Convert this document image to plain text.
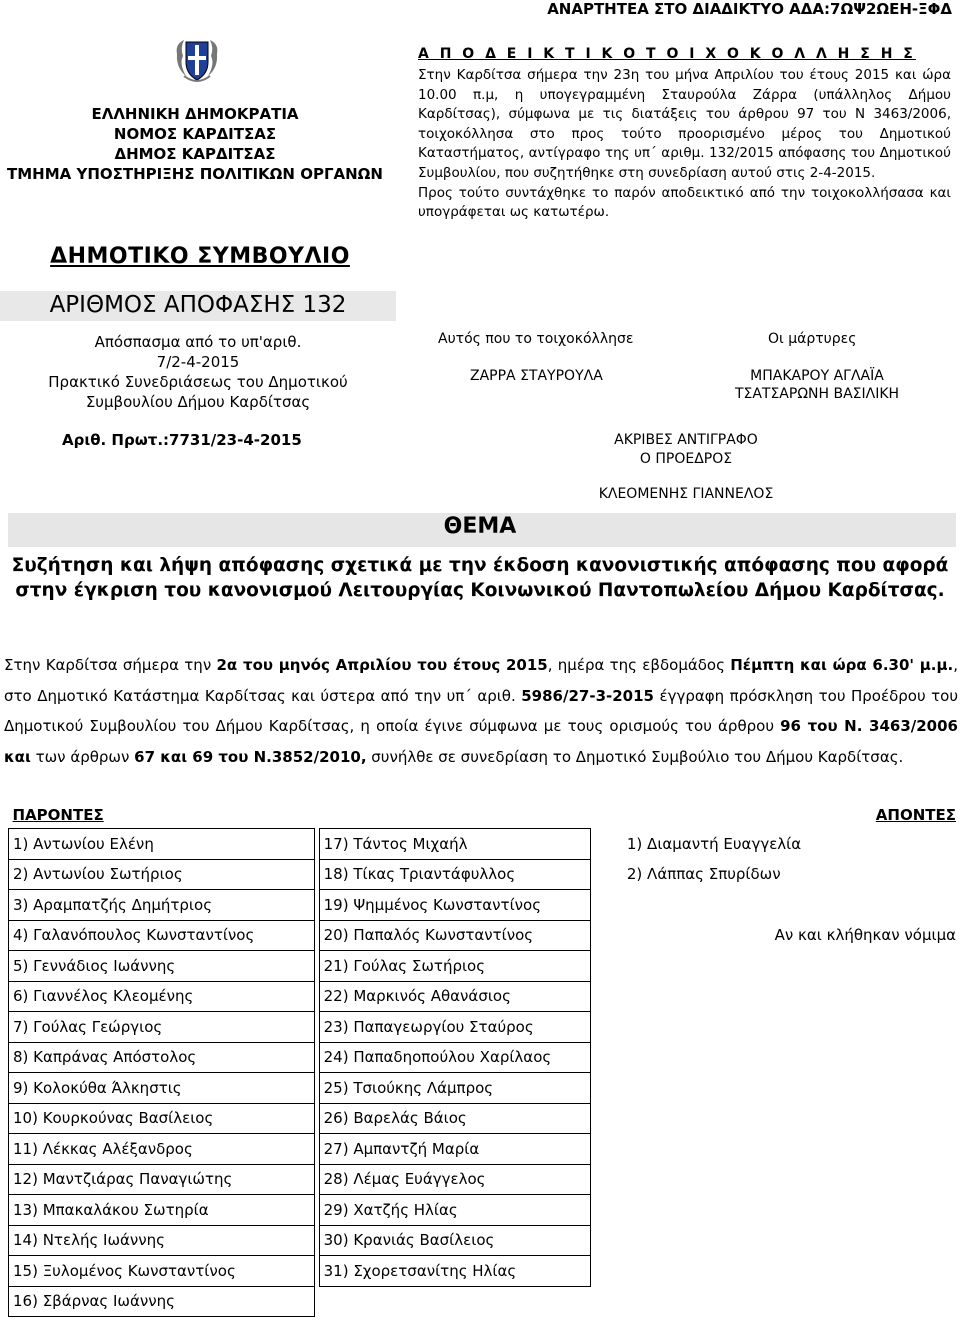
ΑΝΑΡΤΗΤΕΑ ΣΤΟ ΔΙΑΔΙΚΤΥΟ ΑΔΑ:7ΩΨ2ΩΕΗ-ΞΦΔ
ΕΛΛΗΝΙΚΗ ΔΗΜΟΚΡΑΤΙΑ
ΝΟΜΟΣ ΚΑΡΔΙΤΣΑΣ
ΔΗΜΟΣ ΚΑΡΔΙΤΣΑΣ
ΤΜΗΜΑ ΥΠΟΣΤΗΡΙΞΗΣ ΠΟΛΙΤΙΚΩΝ ΟΡΓΑΝΩΝ
ΔΗΜΟΤΙΚΟ ΣΥΜΒΟΥΛΙΟ
ΑΡΙΘΜΟΣ ΑΠΟΦΑΣΗΣ 132
Απόσπασμα από το υπ'αριθ.
7/2-4-2015
Πρακτικό Συνεδριάσεως του Δημοτικού
Συμβουλίου Δήμου Καρδίτσας
Αριθ. Πρωτ.:7731/23-4-2015
Α Π Ο Δ Ε Ι Κ Τ Ι Κ Ο Τ Ο Ι Χ Ο Κ Ο Λ Λ Η Σ Η Σ

Στην Καρδίτσα σήμερα την 23η του μήνα Απριλίου του έτους 2015 και ώρα 10.00 π.μ, η υπογεγραμμένη Σταυρούλα Ζάρρα (υπάλληλος Δήμου Καρδίτσας), σύμφωνα με τις διατάξεις του άρθρου 97 του Ν 3463/2006, τοιχοκόλλησα στο προς τούτο προορισμένο μέρος του Δημοτικού Καταστήματος, αντίγραφο της υπ΄ αριθμ. 132/2015 απόφασης του Δημοτικού Συμβουλίου, που συζητήθηκε στη συνεδρίαση αυτού στις 2-4-2015.

Προς τούτο συντάχθηκε το παρόν αποδεικτικό από την τοιχοκολλήσασα και υπογράφεται ως κατωτέρω.

Αυτός που το τοιχοκόλλησε
ΖΑΡΡΑ ΣΤΑΥΡΟΥΛΑ
Οι μάρτυρες
ΜΠΑΚΑΡΟΥ ΑΓΛΑΪΑ
ΤΣΑΤΣΑΡΩΝΗ ΒΑΣΙΛΙΚΗ
ΑΚΡΙΒΕΣ ΑΝΤΙΓΡΑΦΟ
Ο ΠΡΟΕΔΡΟΣ
ΚΛΕΟΜΕΝΗΣ ΓΙΑΝΝΕΛΟΣ
ΘΕΜΑ
Συζήτηση και λήψη απόφασης σχετικά με την έκδοση κανονιστικής απόφασης που αφορά στην έγκριση του κανονισμού Λειτουργίας Κοινωνικού Παντοπωλείου Δήμου Καρδίτσας.
Στην Καρδίτσα σήμερα την 2α του μηνός Απριλίου του έτους 2015, ημέρα της εβδομάδος Πέμπτη και ώρα 6.30' μ.μ., στο Δημοτικό Κατάστημα Καρδίτσας και ύστερα από την υπ΄ αριθ. 5986/27-3-2015 έγγραφη πρόσκληση του Προέδρου του Δημοτικού Συμβουλίου του Δήμου Καρδίτσας, η οποία έγινε σύμφωνα με τους ορισμούς του άρθρου 96 του Ν. 3463/2006 και των άρθρων 67 και 69 του Ν.3852/2010, συνήλθε σε συνεδρίαση το Δημοτικό Συμβούλιο του Δήμου Καρδίτσας.
ΠΑΡΟΝΤΕΣ			ΑΠΟΝΤΕΣ
1) Αντωνίου Ελένη		17) Τάντος Μιχαήλ	1) Διαμαντή Ευαγγελία
2) Αντωνίου Σωτήριος		18) Τίκας Τριαντάφυλλος	2) Λάππας Σπυρίδων
3) Αραμπατζής Δημήτριος		19) Ψημμένος Κωνσταντίνος	
4) Γαλανόπουλος Κωνσταντίνος		20) Παπαλός Κωνσταντίνος	Αν και κλήθηκαν νόμιμα
5) Γεννάδιος Ιωάννης		21) Γούλας Σωτήριος	
6) Γιαννέλος Κλεομένης		22) Μαρκινός Αθανάσιος	
7) Γούλας Γεώργιος		23) Παπαγεωργίου Σταύρος	
8) Καπράνας Απόστολος		24) Παπαδηοπούλου Χαρίλαος	
9) Κολοκύθα Άλκηστις		25) Τσιούκης Λάμπρος	
10) Κουρκούνας Βασίλειος		26) Βαρελάς Βάιος	
11) Λέκκας Αλέξανδρος		27) Αμπαντζή Μαρία	
12) Μαντζιάρας Παναγιώτης		28) Λέμας Ευάγγελος	
13) Μπακαλάκου Σωτηρία		29) Χατζής Ηλίας	
14) Ντελής Ιωάννης		30) Κρανιάς Βασίλειος	
15) Ξυλομένος Κωνσταντίνος		31) Σχορετσανίτης Ηλίας	
16) Σβάρνας Ιωάννης			
